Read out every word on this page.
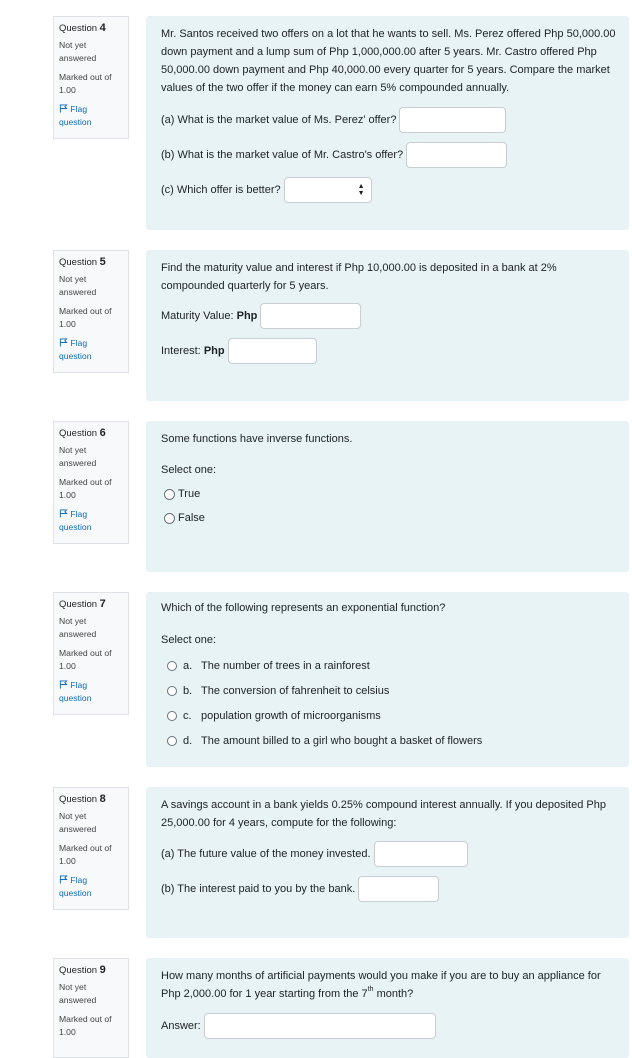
Question 4
Not yet
answered
Marked out of
1.00
Flag
question

Mr. Santos received two offers on a lot that he wants to sell. Ms. Perez offered Php 50,000.00 down payment and a lump sum of Php 1,000,000.00 after 5 years. Mr. Castro offered Php 50,000.00 down payment and Php 40,000.00 every quarter for 5 years. Compare the market values of the two offer if the money can earn 5% compounded annually.

(a) What is the market value of Ms. Perez' offer?
(b) What is the market value of Mr. Castro's offer?
(c) Which offer is better?	▲
▼
Question 5
Not yet
answered
Marked out of
1.00
Flag
question

Find the maturity value and interest if Php 10,000.00 is deposited in a bank at 2% compounded quarterly for 5 years.

Maturity Value:
Php
Interest:
Php
Question 6
Not yet
answered
Marked out of
1.00
Flag
question

Some functions have inverse functions.

Select one:

True
False
Question 7
Not yet
answered
Marked out of
1.00
Flag
question

Which of the following represents an exponential function?

Select one:

a. The number of trees in a rainforest
b. The conversion of fahrenheit to celsius
c. population growth of microorganisms
d. The amount billed to a girl who bought a basket of flowers
Question 8
Not yet
answered
Marked out of
1.00
Flag
question

A savings account in a bank yields 0.25% compound interest annually. If you deposited Php 25,000.00 for 4 years, compute for the following:

(a) The future value of the money invested.
(b) The interest paid to you by the bank.
Question 9
Not yet
answered
Marked out of
1.00

How many months of artificial payments would you make if you are to buy an appliance for Php 2,000.00 for 1 year starting from the 7th month?

Answer:
